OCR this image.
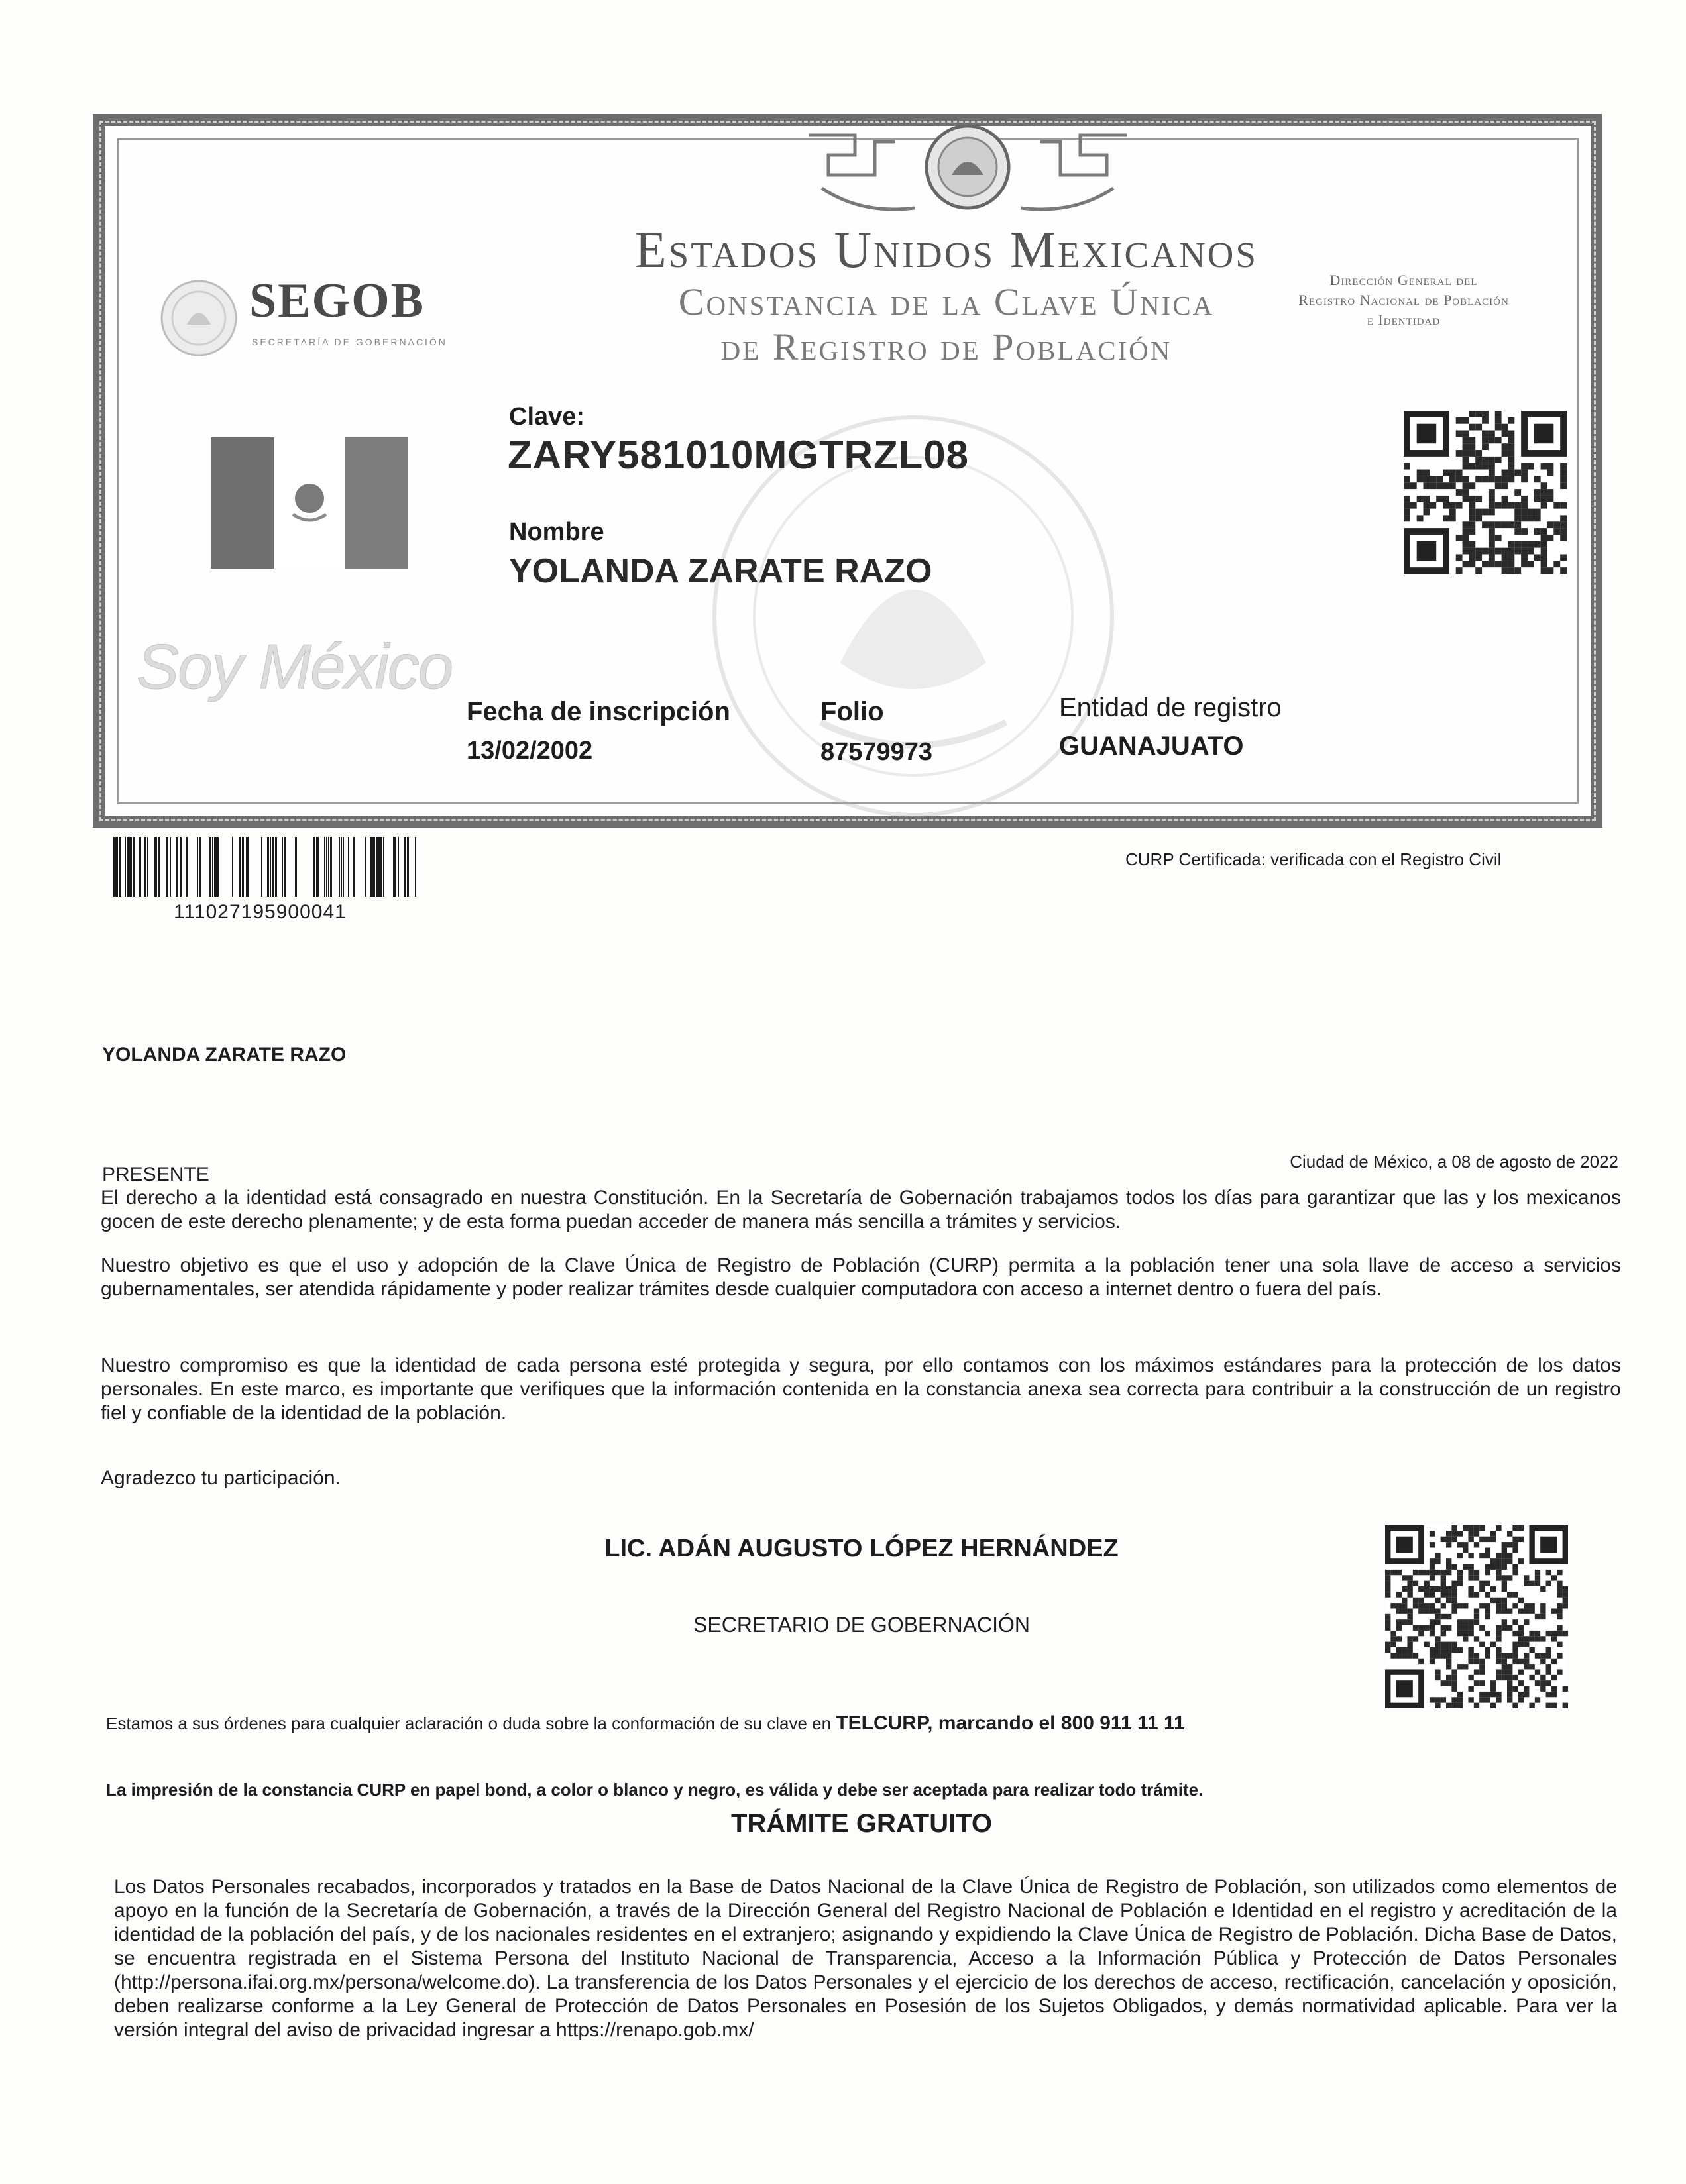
Estados Unidos Mexicanos
Constancia de la Clave Única
de Registro de Población
SEGOB
SECRETARÍA DE GOBERNACIÓN
Dirección General del
Registro Nacional de Población
e Identidad
Clave:
ZARY581010MGTRZL08
Nombre
YOLANDA ZARATE RAZO
Soy México
Fecha de inscripción
13/02/2002
Folio
87579973
Entidad de registro
GUANAJUATO
111027195900041
CURP Certificada: verificada con el Registro Civil
YOLANDA ZARATE RAZO
PRESENTE
Ciudad de México, a 08 de agosto de 2022
El derecho a la identidad está consagrado en nuestra Constitución. En la Secretaría de Gobernación trabajamos todos los días para garantizar que las y los mexicanos gocen de este derecho plenamente; y de esta forma puedan acceder de manera más sencilla a trámites y servicios.
Nuestro objetivo es que el uso y adopción de la Clave Única de Registro de Población (CURP) permita a la población tener una sola llave de acceso a servicios gubernamentales, ser atendida rápidamente y poder realizar trámites desde cualquier computadora con acceso a internet dentro o fuera del país.
Nuestro compromiso es que la identidad de cada persona esté protegida y segura, por ello contamos con los máximos estándares para la protección de los datos personales. En este marco, es importante que verifiques que la información contenida en la constancia anexa sea correcta para contribuir a la construcción de un registro fiel y confiable de la identidad de la población.
Agradezco tu participación.
LIC. ADÁN AUGUSTO LÓPEZ HERNÁNDEZ
SECRETARIO DE GOBERNACIÓN
Estamos a sus órdenes para cualquier aclaración o duda sobre la conformación de su clave en TELCURP, marcando el 800 911 11 11
La impresión de la constancia CURP en papel bond, a color o blanco y negro, es válida y debe ser aceptada para realizar todo trámite.
TRÁMITE GRATUITO
Los Datos Personales recabados, incorporados y tratados en la Base de Datos Nacional de la Clave Única de Registro de Población, son utilizados como elementos de apoyo en la función de la Secretaría de Gobernación, a través de la Dirección General del Registro Nacional de Población e Identidad en el registro y acreditación de la identidad de la población del país, y de los nacionales residentes en el extranjero; asignando y expidiendo la Clave Única de Registro de Población. Dicha Base de Datos, se encuentra registrada en el Sistema Persona del Instituto Nacional de Transparencia, Acceso a la Información Pública y Protección de Datos Personales (http://persona.ifai.org.mx/persona/welcome.do). La transferencia de los Datos Personales y el ejercicio de los derechos de acceso, rectificación, cancelación y oposición, deben realizarse conforme a la Ley General de Protección de Datos Personales en Posesión de los Sujetos Obligados, y demás normatividad aplicable. Para ver la versión integral del aviso de privacidad ingresar a https://renapo.gob.mx/
